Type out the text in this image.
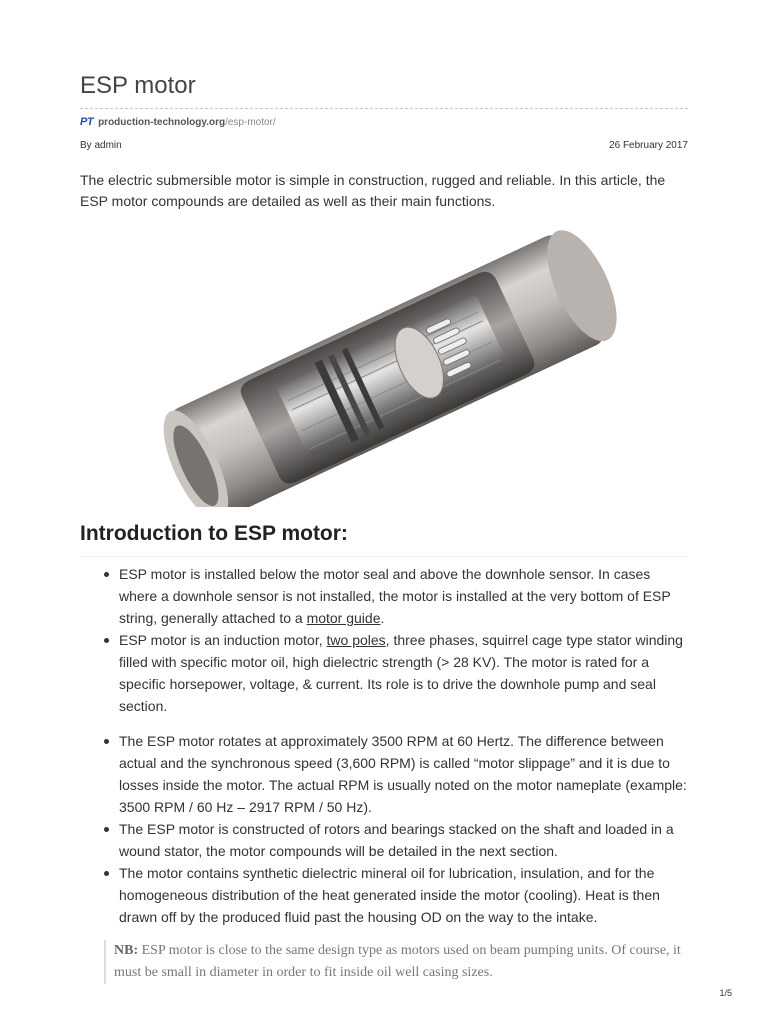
ESP motor
PT production-technology.org /esp-motor/
By admin	26 February 2017

The electric submersible motor is simple in construction, rugged and reliable. In this article, the ESP motor compounds are detailed as well as their main functions.

Introduction to ESP motor:
ESP motor is installed below the motor seal and above the downhole sensor. In cases where a downhole sensor is not installed, the motor is installed at the very bottom of ESP string, generally attached to a motor guide.
ESP motor is an induction motor, two poles, three phases, squirrel cage type stator winding filled with specific motor oil, high dielectric strength (> 28 KV). The motor is rated for a specific horsepower, voltage, & current. Its role is to drive the downhole pump and seal section.
The ESP motor rotates at approximately 3500 RPM at 60 Hertz. The difference between actual and the synchronous speed (3,600 RPM) is called “motor slippage” and it is due to losses inside the motor. The actual RPM is usually noted on the motor nameplate (example: 3500 RPM / 60 Hz – 2917 RPM / 50 Hz).
The ESP motor is constructed of rotors and bearings stacked on the shaft and loaded in a wound stator, the motor compounds will be detailed in the next section.
The motor contains synthetic dielectric mineral oil for lubrication, insulation, and for the homogeneous distribution of the heat generated inside the motor (cooling). Heat is then drawn off by the produced fluid past the housing OD on the way to the intake.

NB: ESP motor is close to the same design type as motors used on beam pumping units. Of course, it must be small in diameter in order to fit inside oil well casing sizes.

1/5
